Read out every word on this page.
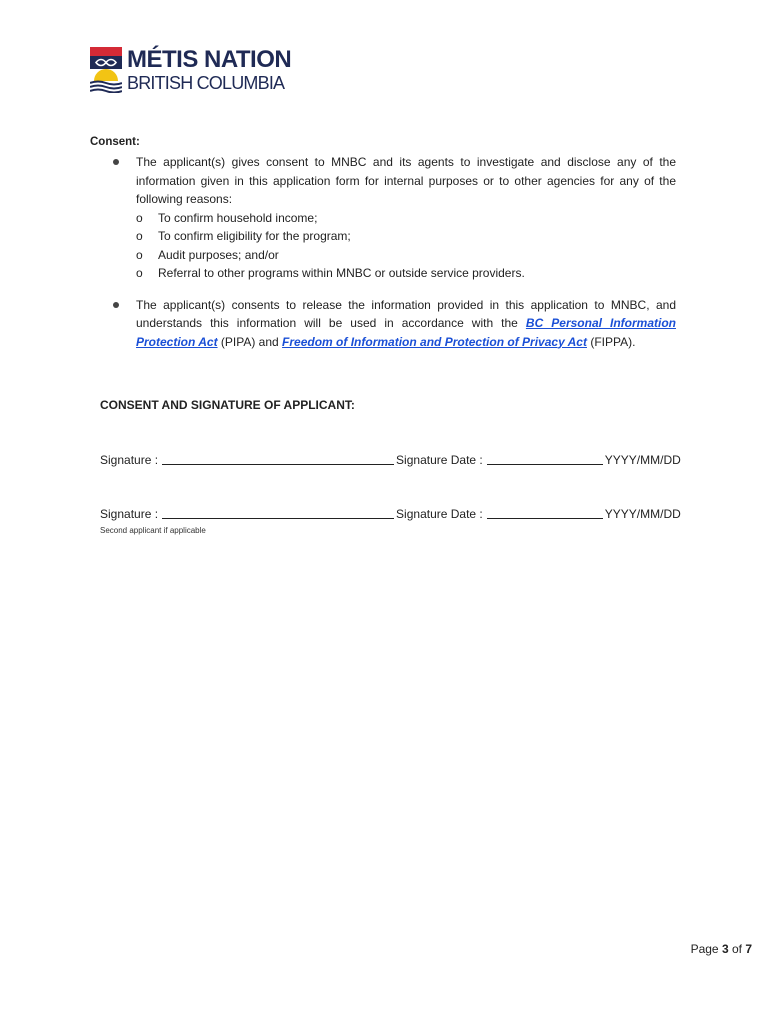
MÉTIS NATION
BRITISH COLUMBIA
Consent:
The applicant(s) gives consent to MNBC and its agents to investigate and disclose any of the information given in this application form for internal purposes or to other agencies for any of the following reasons:
o To confirm household income;
o To confirm eligibility for the program;
o Audit purposes; and/or
o Referral to other programs within MNBC or outside service providers.
The applicant(s) consents to release the information provided in this application to MNBC, and understands this information will be used in accordance with the BC Personal Information Protection Act (PIPA) and Freedom of Information and Protection of Privacy Act (FIPPA).
CONSENT AND SIGNATURE OF APPLICANT:
Signature :	Signature Date :	YYYY/MM/DD
Signature :	Signature Date :	YYYY/MM/DD
Second applicant if applicable
Page 3 of 7
